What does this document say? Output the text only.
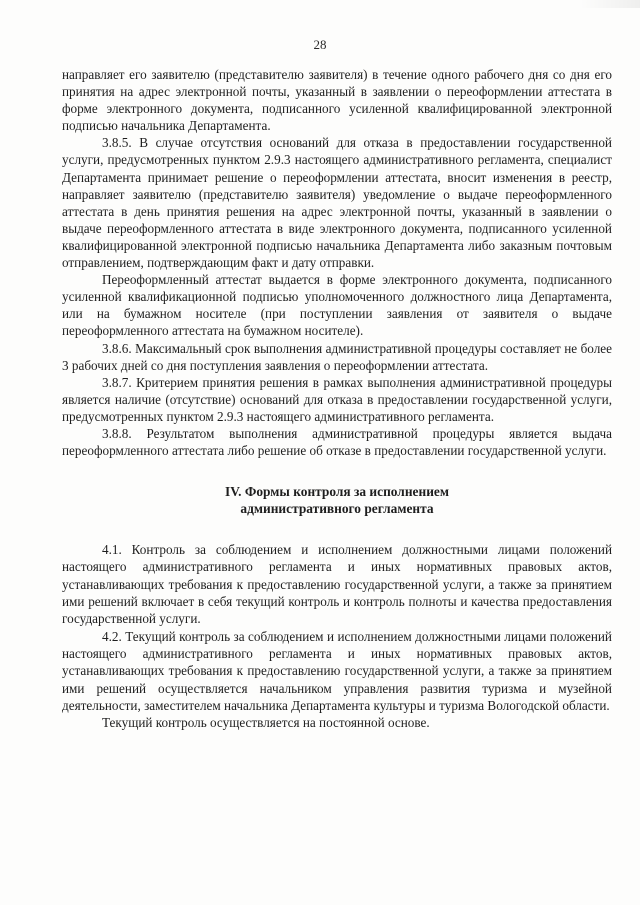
28

направляет его заявителю (представителю заявителя) в течение одного рабочего дня со дня его принятия на адрес электронной почты, указанный в заявлении о переоформлении аттестата в форме электронного документа, подписанного усиленной квалифицированной электронной подписью начальника Департамента.

3.8.5. В случае отсутствия оснований для отказа в предоставлении государственной услуги, предусмотренных пунктом 2.9.3 настоящего административного регламента, специалист Департамента принимает решение о переоформлении аттестата, вносит изменения в реестр, направляет заявителю (представителю заявителя) уведомление о выдаче переоформленного аттестата в день принятия решения на адрес электронной почты, указанный в заявлении о выдаче переоформленного аттестата в виде электронного документа, подписанного усиленной квалифицированной электронной подписью начальника Департамента либо заказным почтовым отправлением, подтверждающим факт и дату отправки.

Переоформленный аттестат выдается в форме электронного документа, подписанного усиленной квалификационной подписью уполномоченного должностного лица Департамента, или на бумажном носителе (при поступлении заявления от заявителя о выдаче переоформленного аттестата на бумажном носителе).

3.8.6. Максимальный срок выполнения административной процедуры составляет не более 3 рабочих дней со дня поступления заявления о переоформлении аттестата.

3.8.7. Критерием принятия решения в рамках выполнения административной процедуры является наличие (отсутствие) оснований для отказа в предоставлении государственной услуги, предусмотренных пунктом 2.9.3 настоящего административного регламента.

3.8.8. Результатом выполнения административной процедуры является выдача переоформленного аттестата либо решение об отказе в предоставлении государственной услуги.

IV. Формы контроля за исполнением
административного регламента

4.1. Контроль за соблюдением и исполнением должностными лицами положений настоящего административного регламента и иных нормативных правовых актов, устанавливающих требования к предоставлению государственной услуги, а также за принятием ими решений включает в себя текущий контроль и контроль полноты и качества предоставления государственной услуги.

4.2. Текущий контроль за соблюдением и исполнением должностными лицами положений настоящего административного регламента и иных нормативных правовых актов, устанавливающих требования к предоставлению государственной услуги, а также за принятием ими решений осуществляется начальником управления развития туризма и музейной деятельности, заместителем начальника Департамента культуры и туризма Вологодской области.

Текущий контроль осуществляется на постоянной основе.
